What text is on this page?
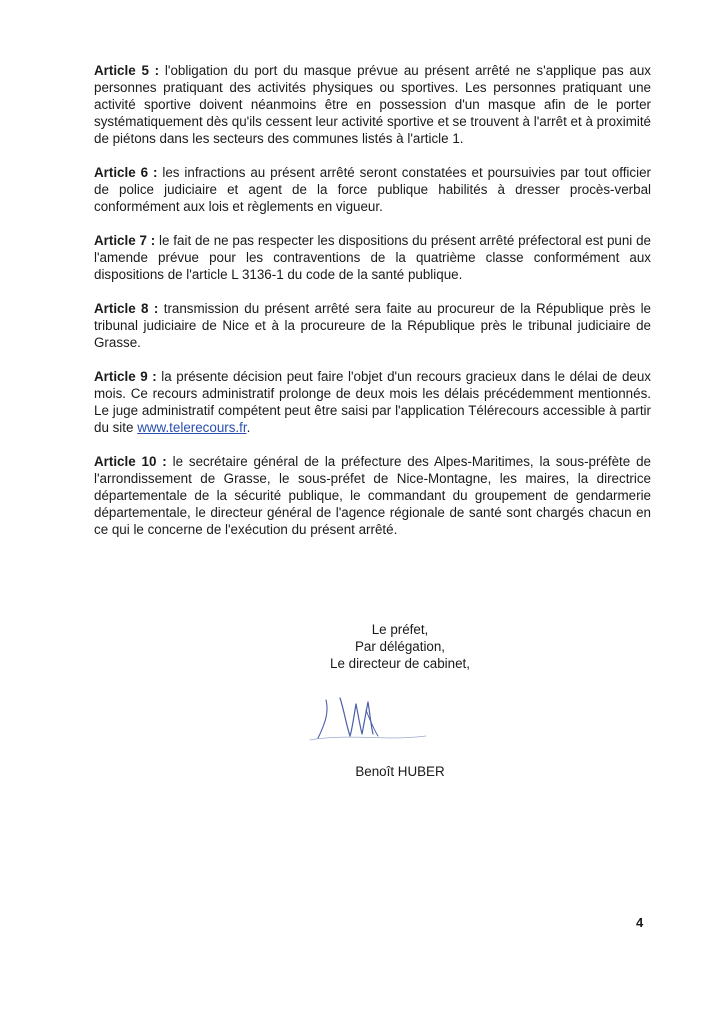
Article 5 : l'obligation du port du masque prévue au présent arrêté ne s'applique pas aux personnes pratiquant des activités physiques ou sportives. Les personnes pratiquant une activité sportive doivent néanmoins être en possession d'un masque afin de le porter systématiquement dès qu'ils cessent leur activité sportive et se trouvent à l'arrêt et à proximité de piétons dans les secteurs des communes listés à l'article 1.

Article 6 : les infractions au présent arrêté seront constatées et poursuivies par tout officier de police judiciaire et agent de la force publique habilités à dresser procès-verbal conformément aux lois et règlements en vigueur.

Article 7 : le fait de ne pas respecter les dispositions du présent arrêté préfectoral est puni de l'amende prévue pour les contraventions de la quatrième classe conformément aux dispositions de l'article L 3136-1 du code de la santé publique.

Article 8 : transmission du présent arrêté sera faite au procureur de la République près le tribunal judiciaire de Nice et à la procureure de la République près le tribunal judiciaire de Grasse.

Article 9 : la présente décision peut faire l'objet d'un recours gracieux dans le délai de deux mois. Ce recours administratif prolonge de deux mois les délais précédemment mentionnés. Le juge administratif compétent peut être saisi par l'application Télérecours accessible à partir du site www.telerecours.fr.

Article 10 : le secrétaire général de la préfecture des Alpes-Maritimes, la sous-préfète de l'arrondissement de Grasse, le sous-préfet de Nice-Montagne, les maires, la directrice départementale de la sécurité publique, le commandant du groupement de gendarmerie départementale, le directeur général de l'agence régionale de santé sont chargés chacun en ce qui le concerne de l'exécution du présent arrêté.

Le préfet,
Par délégation,
Le directeur de cabinet,
Benoît HUBER
4
